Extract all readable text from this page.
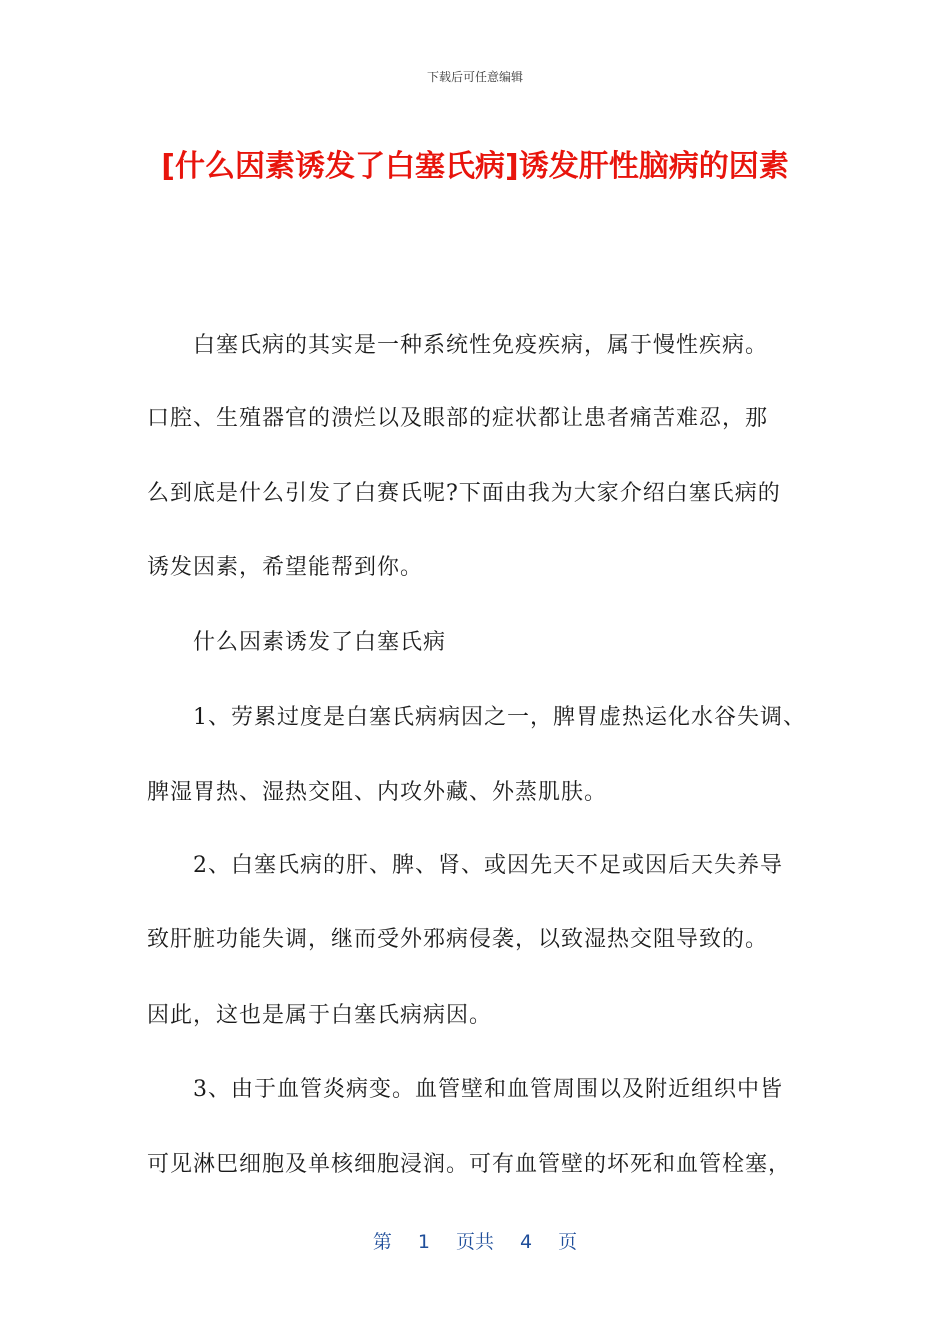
下载后可任意编辑
[什么因素诱发了白塞氏病]诱发肝性脑病的因素

白塞氏病的其实是一种系统性免疫疾病，属于慢性疾病。

口腔、生殖器官的溃烂以及眼部的症状都让患者痛苦难忍，那

么到底是什么引发了白赛氏呢?下面由我为大家介绍白塞氏病的

诱发因素，希望能帮到你。

什么因素诱发了白塞氏病

1、劳累过度是白塞氏病病因之一，脾胃虚热运化水谷失调、

脾湿胃热、湿热交阻、内攻外藏、外蒸肌肤。

2、白塞氏病的肝、脾、肾、或因先天不足或因后天失养导

致肝脏功能失调，继而受外邪病侵袭，以致湿热交阻导致的。

因此，这也是属于白塞氏病病因。

3、由于血管炎病变。血管壁和血管周围以及附近组织中皆

可见淋巴细胞及单核细胞浸润。可有血管壁的坏死和血管栓塞，

第 1 页共 4 页
